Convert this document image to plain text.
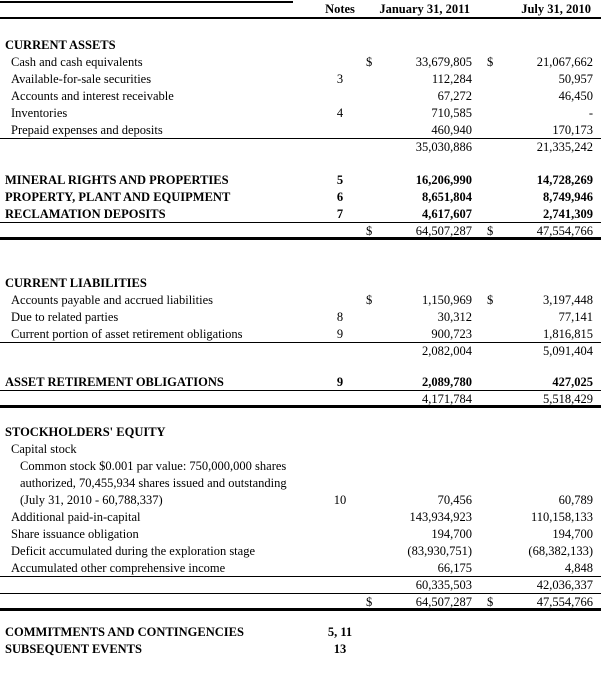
Notes	January 31, 2011	July 31, 2010
CURRENT ASSETS
Cash and cash equivalents	$	33,679,805	$	21,067,662
Available-for-sale securities	3	112,284	50,957
Accounts and interest receivable	67,272	46,450
Inventories	4	710,585	-
Prepaid expenses and deposits	460,940	170,173
35,030,886	21,335,242
MINERAL RIGHTS AND PROPERTIES	5	16,206,990	14,728,269
PROPERTY, PLANT AND EQUIPMENT	6	8,651,804	8,749,946
RECLAMATION DEPOSITS	7	4,617,607	2,741,309
$	64,507,287	$	47,554,766
CURRENT LIABILITIES
Accounts payable and accrued liabilities	$	1,150,969	$	3,197,448
Due to related parties	8	30,312	77,141
Current portion of asset retirement obligations	9	900,723	1,816,815
2,082,004	5,091,404
ASSET RETIREMENT OBLIGATIONS	9	2,089,780	427,025
4,171,784	5,518,429
STOCKHOLDERS' EQUITY
Capital stock
Common stock $0.001 par value: 750,000,000 shares
authorized, 70,455,934 shares issued and outstanding
(July 31, 2010 - 60,788,337)	10	70,456	60,789
Additional paid-in-capital	143,934,923	110,158,133
Share issuance obligation	194,700	194,700
Deficit accumulated during the exploration stage	(83,930,751)	(68,382,133)
Accumulated other comprehensive income	66,175	4,848
60,335,503	42,036,337
$	64,507,287	$	47,554,766
COMMITMENTS AND CONTINGENCIES	5, 11
SUBSEQUENT EVENTS	13
